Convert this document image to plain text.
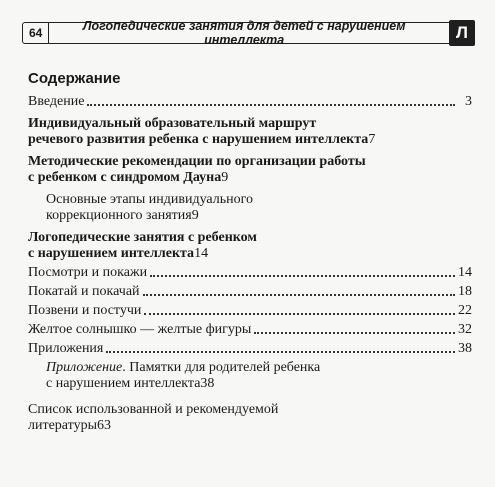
64	Логопедические занятия для детей с нарушением интеллекта	Л
Содержание
Введение	3
Индивидуальный образовательный маршрут
речевого развития ребенка с нарушением интеллекта 7
Методические рекомендации по организации работы
с ребенком с синдромом Дауна 9
Основные этапы индивидуального
коррекционного занятия 9
Логопедические занятия с ребенком
с нарушением интеллекта 14
Посмотри и покажи	14
Покатай и покачай	18
Позвени и постучи	22
Желтое солнышко — желтые фигуры	32
Приложения	38
Приложение. Памятки для родителей ребенка
с нарушением интеллекта 38
Список использованной и рекомендуемой
литературы 63
